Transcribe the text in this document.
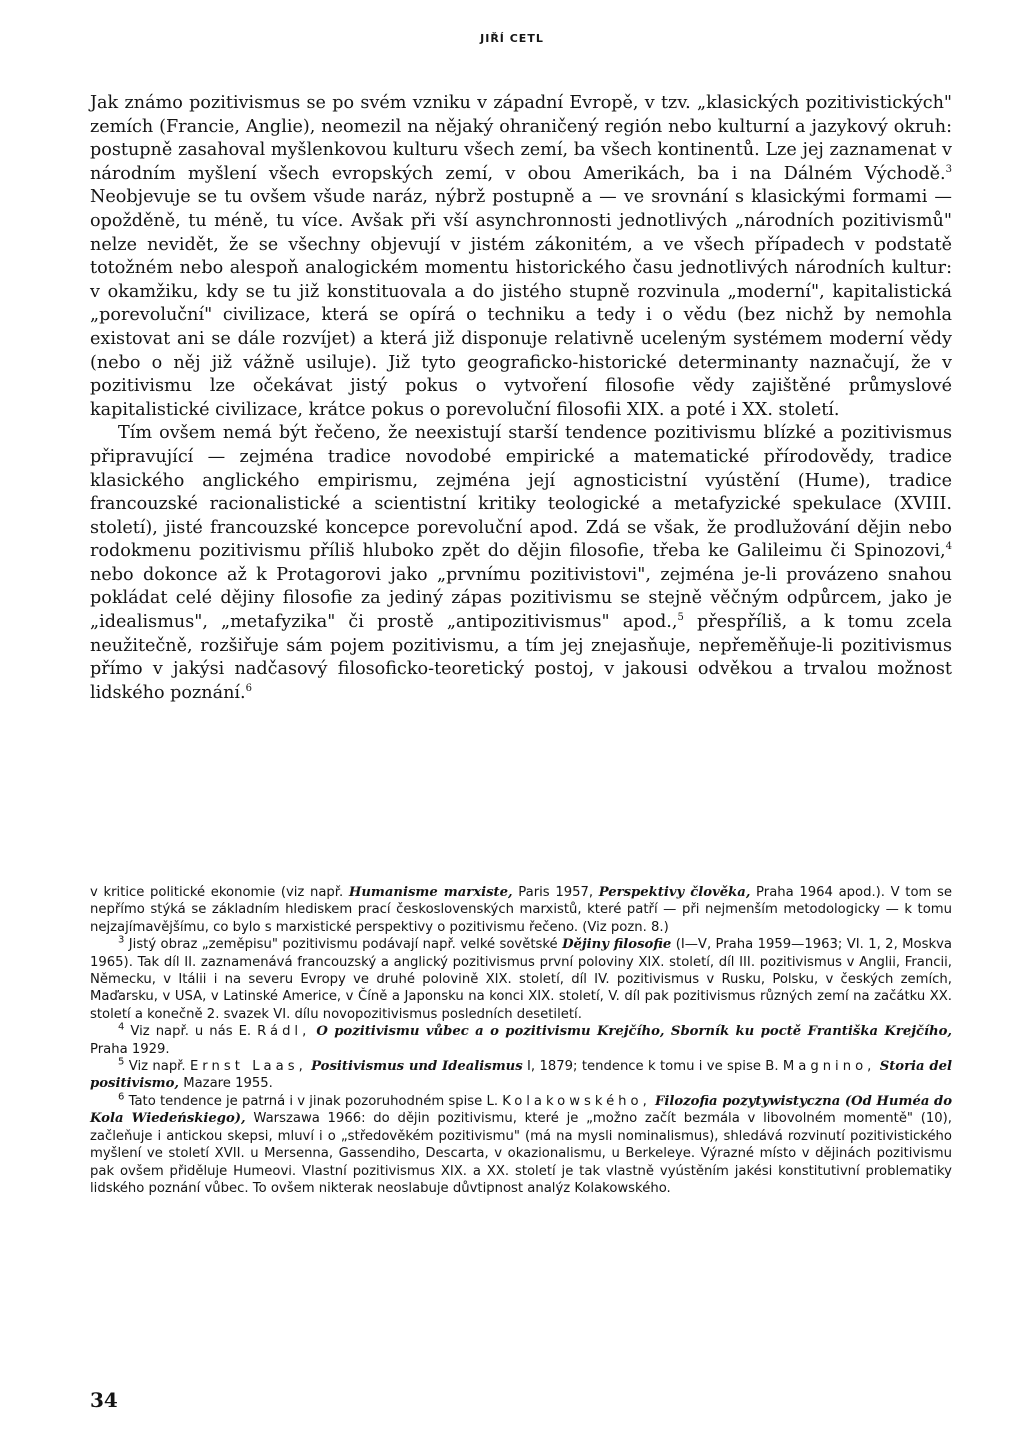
JIŘÍ CETL

Jak známo pozitivismus se po svém vzniku v západní Evropě, v tzv. „klasických pozitivistických" zemích (Francie, Anglie), neomezil na nějaký ohraničený región nebo kulturní a jazykový okruh: postupně zasahoval myšlenkovou kulturu všech zemí, ba všech kontinentů. Lze jej zaznamenat v národním myšlení všech evropských zemí, v obou Amerikách, ba i na Dálném Východě.$^3$ Neobjevuje se tu ovšem všude naráz, nýbrž postupně a — ve srovnání s klasickými formami — opožděně, tu méně, tu více. Avšak při vší asynchronnosti jednotlivých „národních pozitivismů" nelze nevidět, že se všechny objevují v jistém zákonitém, a ve všech případech v podstatě totožném nebo alespoň analogickém momentu historického času jednotlivých národních kultur: v okamžiku, kdy se tu již konstituovala a do jistého stupně rozvinula „moderní", kapitalistická „porevoluční" civilizace, která se opírá o techniku a tedy i o vědu (bez nichž by nemohla existovat ani se dále rozvíjet) a která již disponuje relativně uceleným systémem moderní vědy (nebo o něj již vážně usiluje). Již tyto geograficko-historické determinanty naznačují, že v pozitivismu lze očekávat jistý pokus o vytvoření filosofie vědy zajištěné průmyslové kapitalistické civilizace, krátce pokus o porevoluční filosofii XIX. a poté i XX. století.

Tím ovšem nemá být řečeno, že neexistují starší tendence pozitivismu blízké a pozitivismus připravující — zejména tradice novodobé empirické a matematické přírodovědy, tradice klasického anglického empirismu, zejména její agnosticistní vyústění (Hume), tradice francouzské racionalistické a scientistní kritiky teologické a metafyzické spekulace (XVIII. století), jisté francouzské koncepce porevoluční apod. Zdá se však, že prodlužování dějin nebo rodokmenu pozitivismu příliš hluboko zpět do dějin filosofie, třeba ke Galileimu či Spinozovi,$^4$ nebo dokonce až k Protagorovi jako „prvnímu pozitivistovi", zejména je-li provázeno snahou pokládat celé dějiny filosofie za jediný zápas pozitivismu se stejně věčným odpůrcem, jako je „idealismus", „metafyzika" či prostě „antipozitivismus" apod.,$^5$ přespříliš, a k tomu zcela neužitečně, rozšiřuje sám pojem pozitivismu, a tím jej znejasňuje, nepřeměňuje-li pozitivismus přímo v jakýsi nadčasový filosoficko-teoretický postoj, v jakousi odvěkou a trvalou možnost lidského poznání.$^6$

v kritice politické ekonomie (viz např. Humanisme marxiste, Paris 1957, Perspektivy člověka, Praha 1964 apod.). V tom se nepřímo stýká se základním hlediskem prací československých marxistů, které patří — při nejmenším metodologicky — k tomu nejzajímavějšímu, co bylo s marxistické perspektivy o pozitivismu řečeno. (Viz pozn. 8.)

$^3$ Jistý obraz „zeměpisu" pozitivismu podávají např. velké sovětské Dějiny filosofie (I—V, Praha 1959—1963; VI. 1, 2, Moskva 1965). Tak díl II. zaznamenává francouzský a anglický pozitivismus první poloviny XIX. století, díl III. pozitivismus v Anglii, Francii, Německu, v Itálii i na severu Evropy ve druhé polovině XIX. století, díl IV. pozitivismus v Rusku, Polsku, v českých zemích, Maďarsku, v USA, v Latinské Americe, v Číně a Japonsku na konci XIX. století, V. díl pak pozitivismus různých zemí na začátku XX. století a konečně 2. svazek VI. dílu novopozitivismus posledních desetiletí.

$^4$ Viz např. u nás E. Rádl, O pozitivismu vůbec a o pozitivismu Krejčího, Sborník ku poctě Františka Krejčího, Praha 1929.

$^5$ Viz např. Ernst Laas, Positivismus und Idealismus I, 1879; tendence k tomu i ve spise B. Magnino, Storia del positivismo, Mazare 1955.

$^6$ Tato tendence je patrná i v jinak pozoruhodném spise L. Kolakowského, Filozofia pozytywistyczna (Od Huméa do Kola Wiedeńskiego), Warszawa 1966: do dějin pozitivismu, které je „možno začít bezmála v libovolném momentě" (10), začleňuje i antickou skepsi, mluví i o „středověkém pozitivismu" (má na mysli nominalismus), shledává rozvinutí pozitivistického myšlení ve století XVII. u Mersenna, Gassendiho, Descarta, v okazionalismu, u Berkeleye. Výrazné místo v dějinách pozitivismu pak ovšem přiděluje Humeovi. Vlastní pozitivismus XIX. a XX. století je tak vlastně vyústěním jakési konstitutivní problematiky lidského poznání vůbec. To ovšem nikterak neoslabuje důvtipnost analýz Kolakowského.

34
